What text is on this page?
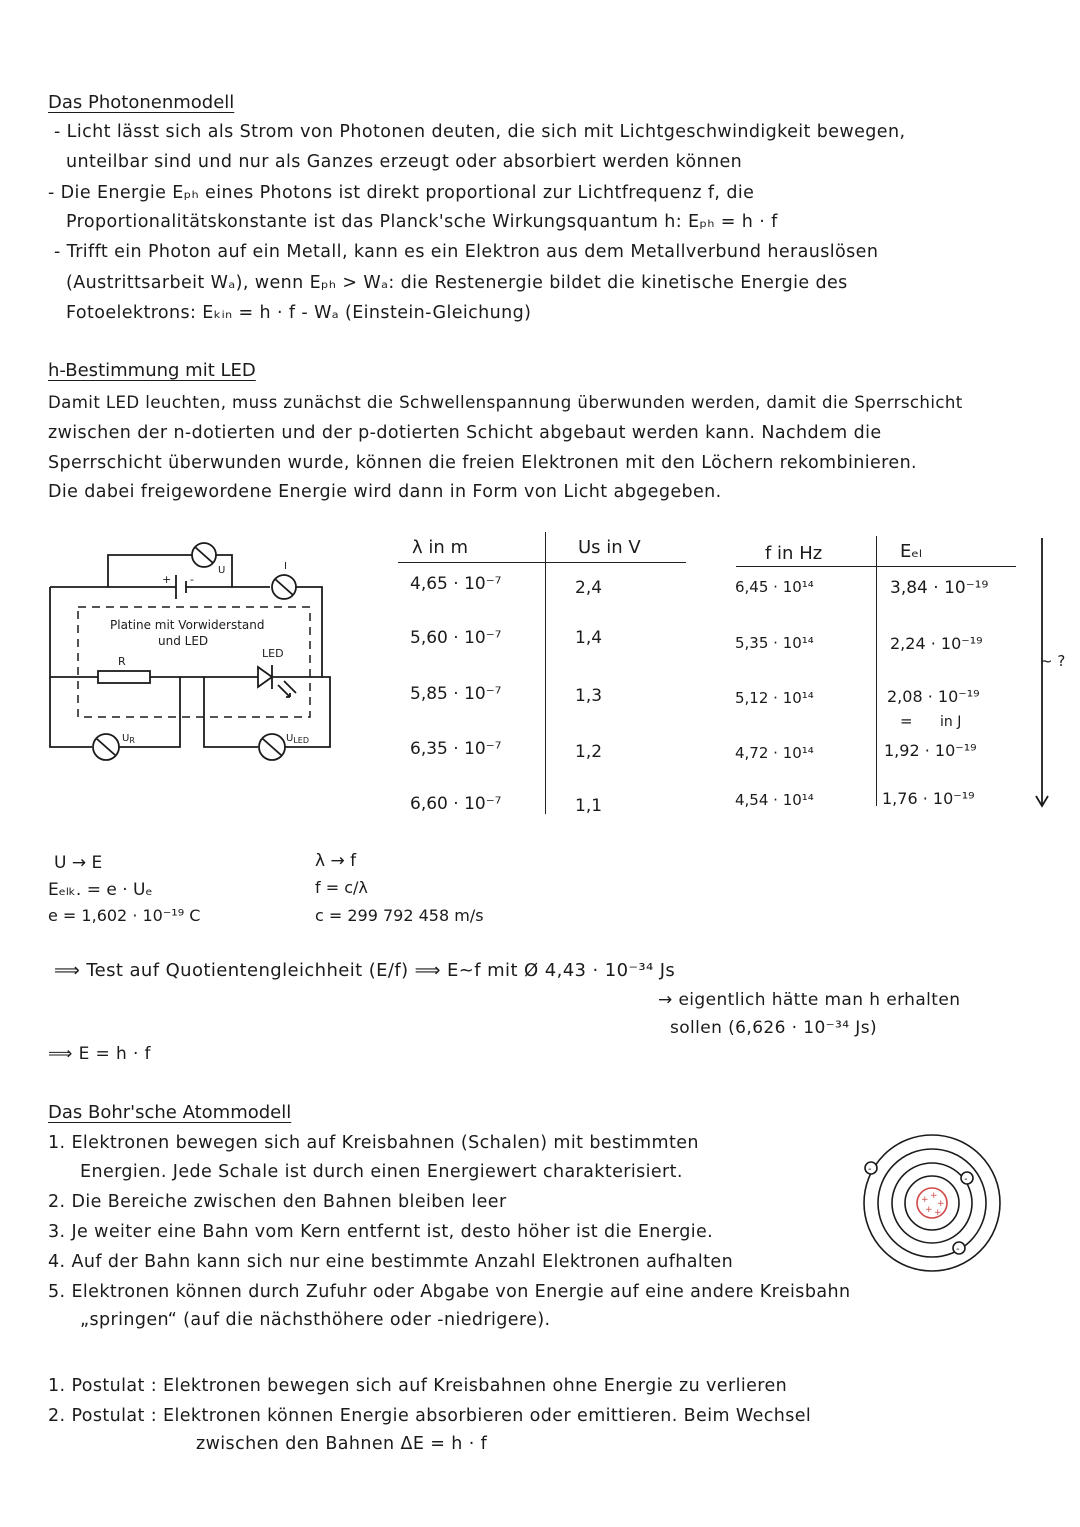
Das Photonenmodell
- Licht lässt sich als Strom von Photonen deuten, die sich mit Lichtgeschwindigkeit bewegen,
unteilbar sind und nur als Ganzes erzeugt oder absorbiert werden können
- Die Energie Eₚₕ eines Photons ist direkt proportional zur Lichtfrequenz f, die
Proportionalitätskonstante ist das Planck'sche Wirkungsquantum h: Eₚₕ = h · f
- Trifft ein Photon auf ein Metall, kann es ein Elektron aus dem Metallverbund herauslösen
(Austrittsarbeit Wₐ), wenn Eₚₕ > Wₐ: die Restenergie bildet die kinetische Energie des
Fotoelektrons: Eₖᵢₙ = h · f - Wₐ (Einstein-Gleichung)
h-Bestimmung mit LED
Damit LED leuchten, muss zunächst die Schwellenspannung überwunden werden, damit die Sperrschicht
zwischen der n-dotierten und der p-dotierten Schicht abgebaut werden kann. Nachdem die
Sperrschicht überwunden wurde, können die freien Elektronen mit den Löchern rekombinieren.
Die dabei freigewordene Energie wird dann in Form von Licht abgegeben.
U
+ -
I
Platine mit Vorwiderstand
und LED
R
LED
$U_R$	$U_{LED}$
λ in m	Us in V
4,65 · 10⁻⁷	2,4
5,60 · 10⁻⁷	1,4
5,85 · 10⁻⁷	1,3
6,35 · 10⁻⁷	1,2
6,60 · 10⁻⁷	1,1
f in Hz	Eₑₗ
6,45 · 10¹⁴	3,84 · 10⁻¹⁹
5,35 · 10¹⁴	2,24 · 10⁻¹⁹
5,12 · 10¹⁴	2,08 · 10⁻¹⁹
= in J
4,72 · 10¹⁴	1,92 · 10⁻¹⁹
4,54 · 10¹⁴	1,76 · 10⁻¹⁹
~ ?
U → E
Eₑₗₖ. = e · Uₑ
e = 1,602 · 10⁻¹⁹ C
λ → f
f = c/λ
c = 299 792 458 m/s
⟹ Test auf Quotientengleichheit (E/f) ⟹ E~f mit Ø 4,43 · 10⁻³⁴ Js
→ eigentlich hätte man h erhalten
sollen (6,626 · 10⁻³⁴ Js)
⟹ E = h · f
Das Bohr'sche Atommodell
1. Elektronen bewegen sich auf Kreisbahnen (Schalen) mit bestimmten
Energien. Jede Schale ist durch einen Energiewert charakterisiert.
2. Die Bereiche zwischen den Bahnen bleiben leer
3. Je weiter eine Bahn vom Kern entfernt ist, desto höher ist die Energie.
4. Auf der Bahn kann sich nur eine bestimmte Anzahl Elektronen aufhalten
5. Elektronen können durch Zufuhr oder Abgabe von Energie auf eine andere Kreisbahn
„springen“ (auf die nächsthöhere oder -niedrigere).
+ +
+
+ +
-
-
-
1. Postulat : Elektronen bewegen sich auf Kreisbahnen ohne Energie zu verlieren
2. Postulat : Elektronen können Energie absorbieren oder emittieren. Beim Wechsel
zwischen den Bahnen ΔE = h · f
